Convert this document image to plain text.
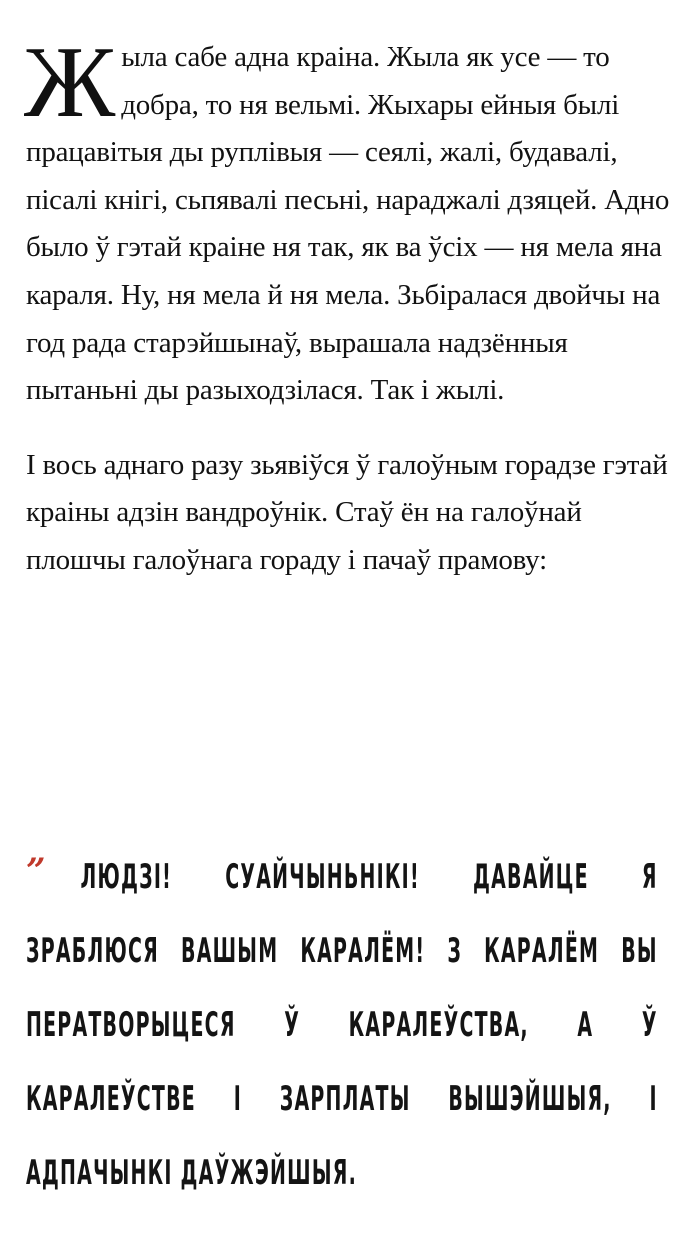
Ж ыла сабе адна краіна. Жыла як усе — то добра, то ня вельмі. Жыхары ейныя былі працавітыя ды руплівыя — сеялі, жалі, будавалі, пісалі кнігі, сьпявалі песьні, нараджалі дзяцей. Адно было ў гэтай краіне ня так, як ва ўсіх — ня мела яна караля. Ну, ня мела й ня мела. Зьбіралася двойчы на год рада старэйшынаў, вырашала надзённыя пытаньні ды разыходзілася. Так і жылі.

І вось аднаго разу зьявіўся ў галоўным горадзе гэтай краіны адзін вандроўнік. Стаў ён на галоўнай плошчы галоўнага гораду і пачаў прамову:

”	ЛЮДЗІ! СУАЙЧЫНЬНІКІ! ДАВАЙЦЕ Я ЗРАБЛЮСЯ ВАШЫМ КАРАЛЁМ! З КАРАЛЁМ ВЫ ПЕРАТВОРЫЦЕСЯ Ў КАРАЛЕЎСТВА, А Ў КАРАЛЕЎСТВЕ І ЗАРПЛАТЫ ВЫШЭЙШЫЯ, І АДПАЧЫНКІ ДАЎЖЭЙШЫЯ.
